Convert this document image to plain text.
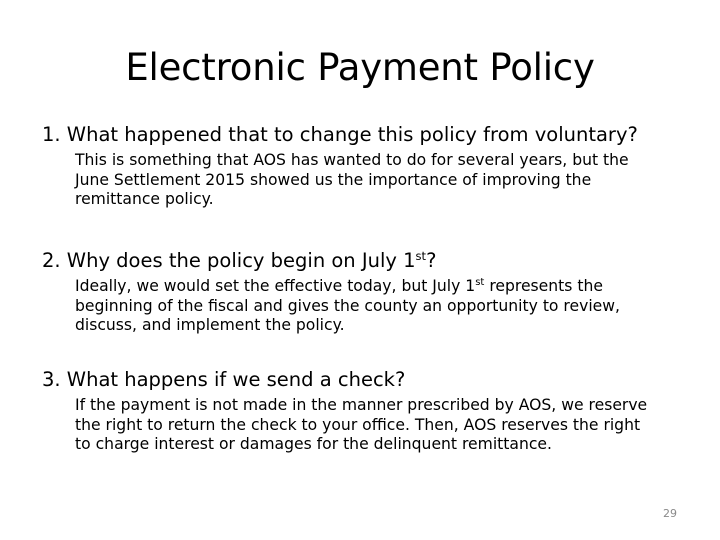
Electronic Payment Policy
1. What happened that to change this policy from voluntary?
This is something that AOS has wanted to do for several years, but the
June Settlement 2015 showed us the importance of improving the
remittance policy.
2. Why does the policy begin on July 1st?
Ideally, we would set the effective today, but July 1st represents the
beginning of the fiscal and gives the county an opportunity to review,
discuss, and implement the policy.
3. What happens if we send a check?
If the payment is not made in the manner prescribed by AOS, we reserve
the right to return the check to your office. Then, AOS reserves the right
to charge interest or damages for the delinquent remittance.
29
